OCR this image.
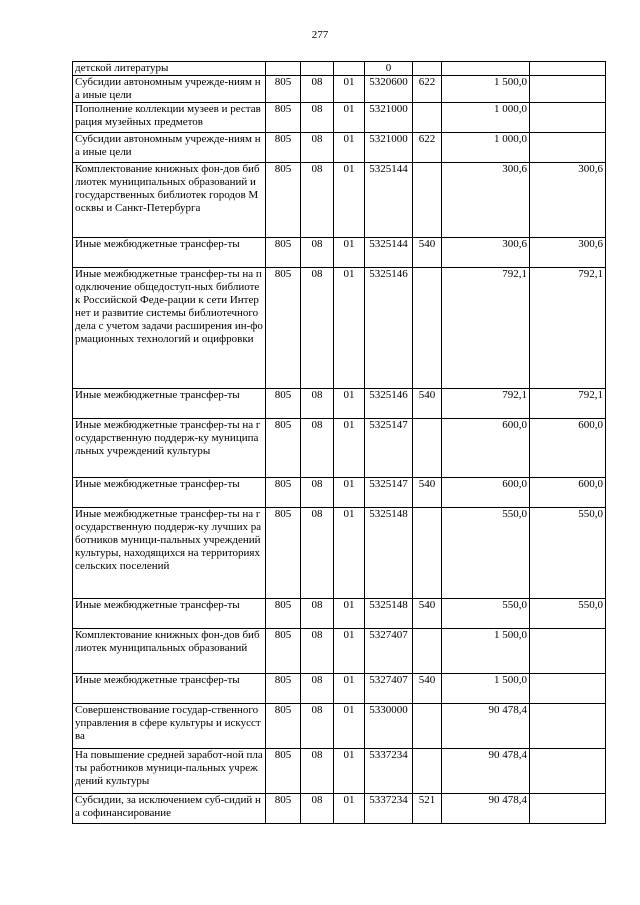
277
детской литературы				0			
Субсидии автономным учрежде-ниям на иные цели	805	08	01	5320600	622	1 500,0	
Пополнение коллекции музеев и реставрация музейных предметов	805	08	01	5321000		1 000,0	
Субсидии автономным учрежде-ниям на иные цели	805	08	01	5321000	622	1 000,0	
Комплектование книжных фон-дов библиотек муниципальных образований и государственных библиотек городов Москвы и Санкт-Петербурга	805	08	01	5325144		300,6	300,6
Иные межбюджетные трансфер-ты	805	08	01	5325144	540	300,6	300,6
Иные межбюджетные трансфер-ты на подключение общедоступ-ных библиотек Российской Феде-рации к сети Интернет и развитие системы библиотечного дела с учетом задачи расширения ин-формационных технологий и оцифровки	805	08	01	5325146		792,1	792,1
Иные межбюджетные трансфер-ты	805	08	01	5325146	540	792,1	792,1
Иные межбюджетные трансфер-ты на государственную поддерж-ку муниципальных учреждений культуры	805	08	01	5325147		600,0	600,0
Иные межбюджетные трансфер-ты	805	08	01	5325147	540	600,0	600,0
Иные межбюджетные трансфер-ты на государственную поддерж-ку лучших работников муници-пальных учреждений культуры, находящихся на территориях сельских поселений	805	08	01	5325148		550,0	550,0
Иные межбюджетные трансфер-ты	805	08	01	5325148	540	550,0	550,0
Комплектование книжных фон-дов библиотек муниципальных образований	805	08	01	5327407		1 500,0	
Иные межбюджетные трансфер-ты	805	08	01	5327407	540	1 500,0	
Совершенствование государ-ственного управления в сфере культуры и искусства	805	08	01	5330000		90 478,4	
На повышение средней заработ-ной платы работников муници-пальных учреждений культуры	805	08	01	5337234		90 478,4	
Субсидии, за исключением суб-сидий на софинансирование	805	08	01	5337234	521	90 478,4	
